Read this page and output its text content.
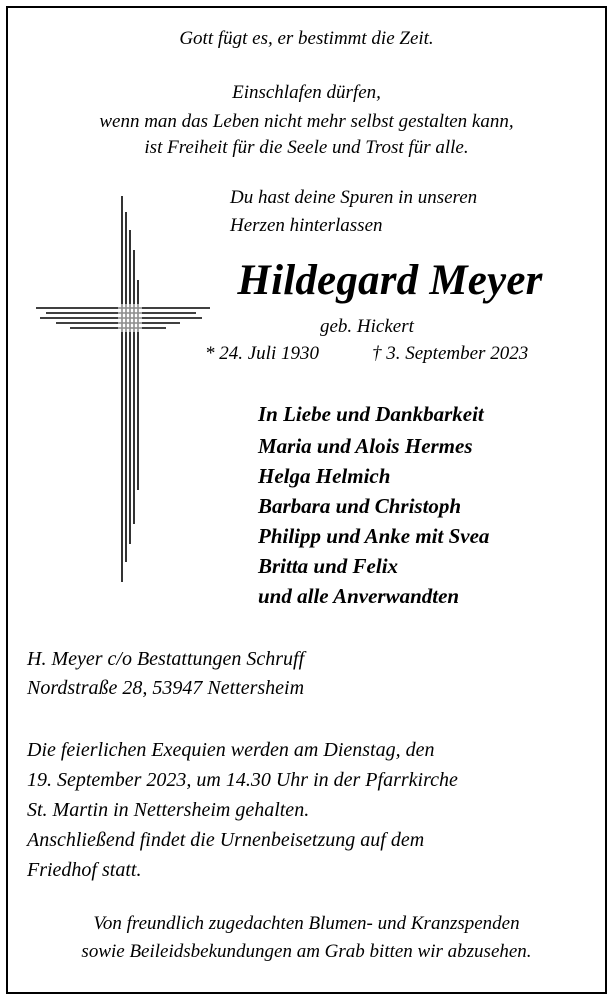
Gott fügt es, er bestimmt die Zeit.
Einschlafen dürfen,
wenn man das Leben nicht mehr selbst gestalten kann,
ist Freiheit für die Seele und Trost für alle.
Du hast deine Spuren in unseren
Herzen hinterlassen
Hildegard Meyer
geb. Hickert
* 24. Juli 1930	† 3. September 2023
In Liebe und Dankbarkeit
Maria und Alois Hermes
Helga Helmich
Barbara und Christoph
Philipp und Anke mit Svea
Britta und Felix
und alle Anverwandten
H. Meyer c/o Bestattungen Schruff
Nordstraße 28, 53947 Nettersheim
Die feierlichen Exequien werden am Dienstag, den
19. September 2023, um 14.30 Uhr in der Pfarrkirche
St. Martin in Nettersheim gehalten.
Anschließend findet die Urnenbeisetzung auf dem
Friedhof statt.
Von freundlich zugedachten Blumen- und Kranzspenden
sowie Beileidsbekundungen am Grab bitten wir abzusehen.
